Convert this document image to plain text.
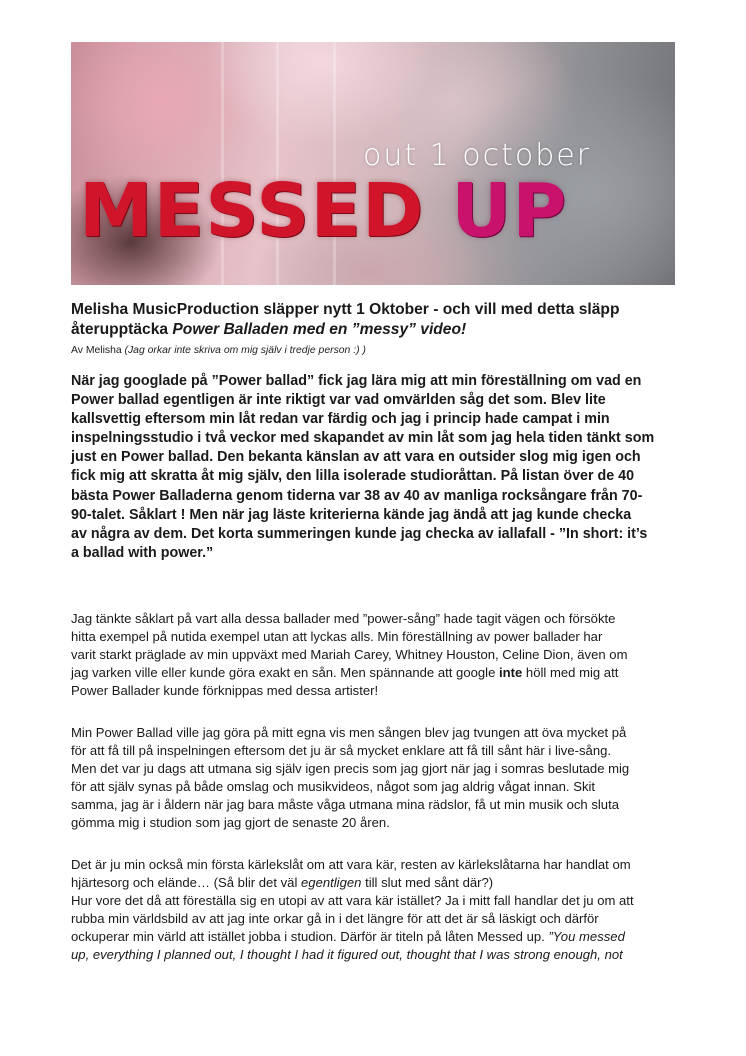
out 1 october
MESSED UP
Melisha MusicProduction släpper nytt 1 Oktober - och vill med detta släpp
återupptäcka Power Balladen med en ”messy” video!

Av Melisha (Jag orkar inte skriva om mig själv i tredje person :) )

När jag googlade på ”Power ballad” fick jag lära mig att min föreställning om vad en
Power ballad egentligen är inte riktigt var vad omvärlden såg det som. Blev lite
kallsvettig eftersom min låt redan var färdig och jag i princip hade campat i min
inspelningsstudio i två veckor med skapandet av min låt som jag hela tiden tänkt som
just en Power ballad. Den bekanta känslan av att vara en outsider slog mig igen och
fick mig att skratta åt mig själv, den lilla isolerade studioråttan. På listan över de 40
bästa Power Balladerna genom tiderna var 38 av 40 av manliga rocksångare från 70-
90-talet. Såklart ! Men när jag läste kriterierna kände jag ändå att jag kunde checka
av några av dem. Det korta summeringen kunde jag checka av iallafall - ”In short: it’s
a ballad with power.”

Jag tänkte såklart på vart alla dessa ballader med ”power-sång” hade tagit vägen och försökte
hitta exempel på nutida exempel utan att lyckas alls. Min föreställning av power ballader har
varit starkt präglade av min uppväxt med Mariah Carey, Whitney Houston, Celine Dion, även om
jag varken ville eller kunde göra exakt en sån. Men spännande att google inte höll med mig att
Power Ballader kunde förknippas med dessa artister!

Min Power Ballad ville jag göra på mitt egna vis men sången blev jag tvungen att öva mycket på
för att få till på inspelningen eftersom det ju är så mycket enklare att få till sånt här i live-sång.
Men det var ju dags att utmana sig själv igen precis som jag gjort när jag i somras beslutade mig
för att själv synas på både omslag och musikvideos, något som jag aldrig vågat innan. Skit
samma, jag är i åldern när jag bara måste våga utmana mina rädslor, få ut min musik och sluta
gömma mig i studion som jag gjort de senaste 20 åren.

Det är ju min också min första kärlekslåt om att vara kär, resten av kärlekslåtarna har handlat om
hjärtesorg och elände… (Så blir det väl egentligen till slut med sånt där?)
Hur vore det då att föreställa sig en utopi av att vara kär istället? Ja i mitt fall handlar det ju om att
rubba min världsbild av att jag inte orkar gå in i det längre för att det är så läskigt och därför
ockuperar min värld att istället jobba i studion. Därför är titeln på låten Messed up. ”You messed
up, everything I planned out, I thought I had it figured out, thought that I was strong enough, not
